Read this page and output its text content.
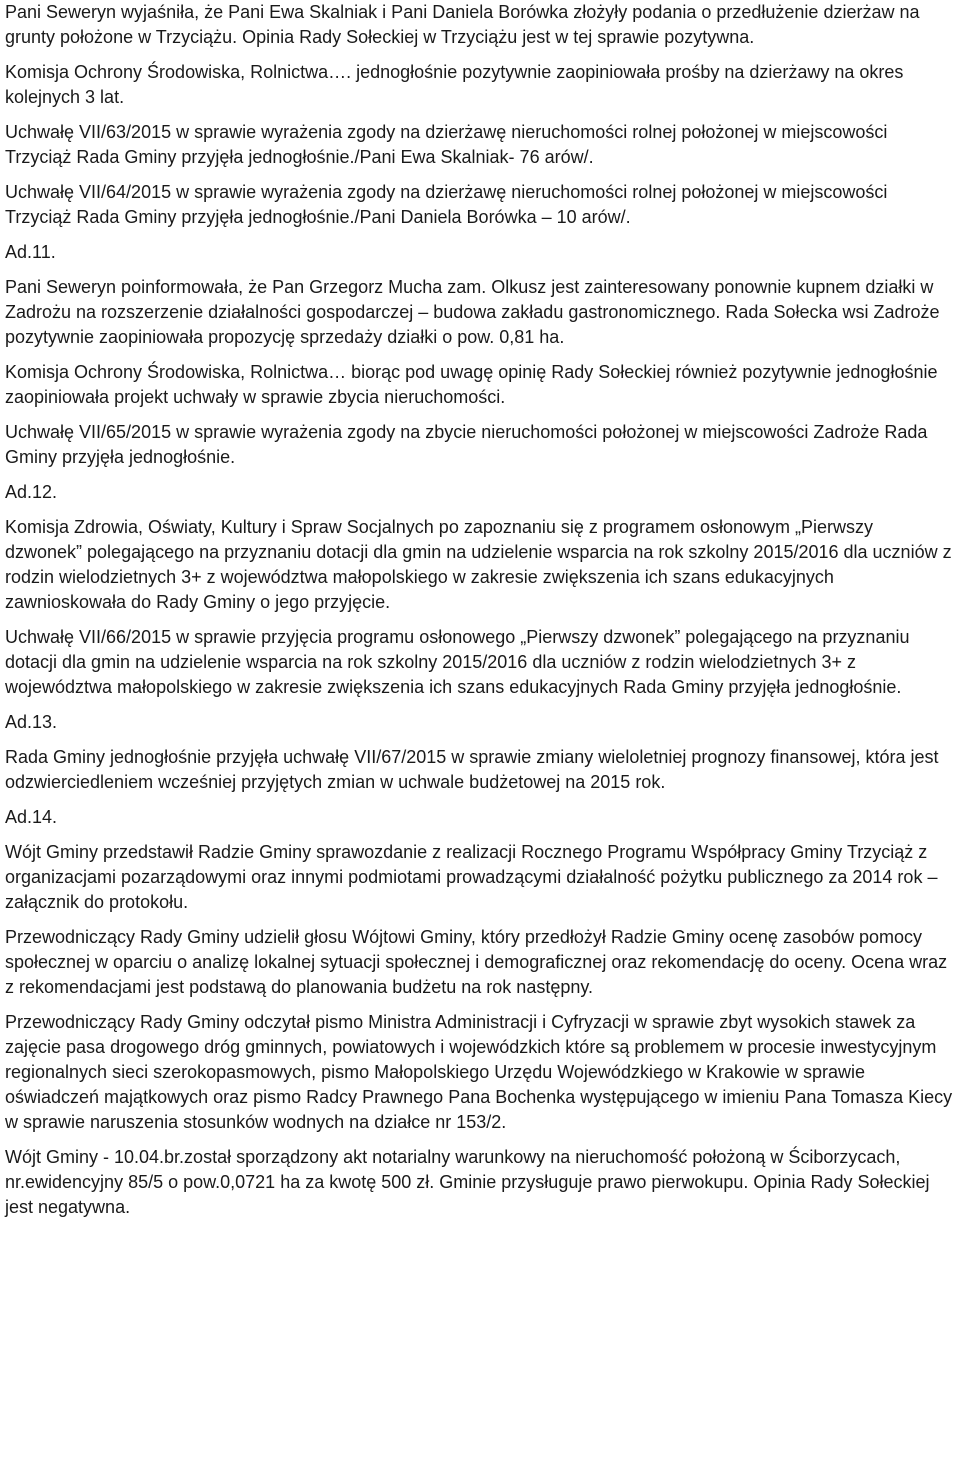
Pani Seweryn wyjaśniła, że Pani Ewa Skalniak i Pani Daniela Borówka złożyły podania o przedłużenie dzierżaw na grunty położone w Trzyciążu. Opinia Rady Sołeckiej w Trzyciążu jest w tej sprawie pozytywna.

Komisja Ochrony Środowiska, Rolnictwa…. jednogłośnie pozytywnie zaopiniowała prośby na dzierżawy na okres kolejnych 3 lat.

Uchwałę VII/63/2015 w sprawie wyrażenia zgody na dzierżawę nieruchomości rolnej położonej w miejscowości Trzyciąż Rada Gminy przyjęła jednogłośnie./Pani Ewa Skalniak- 76 arów/.

Uchwałę VII/64/2015 w sprawie wyrażenia zgody na dzierżawę nieruchomości rolnej położonej w miejscowości Trzyciąż Rada Gminy przyjęła jednogłośnie./Pani Daniela Borówka – 10 arów/.

Ad.11.

Pani Seweryn poinformowała, że Pan Grzegorz Mucha zam. Olkusz jest zainteresowany ponownie kupnem działki w Zadrożu na rozszerzenie działalności gospodarczej – budowa zakładu gastronomicznego. Rada Sołecka wsi Zadroże pozytywnie zaopiniowała propozycję sprzedaży działki o pow. 0,81 ha.

Komisja Ochrony Środowiska, Rolnictwa… biorąc pod uwagę opinię Rady Sołeckiej również pozytywnie jednogłośnie zaopiniowała projekt uchwały w sprawie zbycia nieruchomości.

Uchwałę VII/65/2015 w sprawie wyrażenia zgody na zbycie nieruchomości położonej w miejscowości Zadroże Rada Gminy przyjęła jednogłośnie.

Ad.12.

Komisja Zdrowia, Oświaty, Kultury i Spraw Socjalnych po zapoznaniu się z programem osłonowym „Pierwszy dzwonek” polegającego na przyznaniu dotacji dla gmin na udzielenie wsparcia na rok szkolny 2015/2016 dla uczniów z rodzin wielodzietnych 3+ z województwa małopolskiego w zakresie zwiększenia ich szans edukacyjnych zawnioskowała do Rady Gminy o jego przyjęcie.

Uchwałę VII/66/2015 w sprawie przyjęcia programu osłonowego „Pierwszy dzwonek” polegającego na przyznaniu dotacji dla gmin na udzielenie wsparcia na rok szkolny 2015/2016 dla uczniów z rodzin wielodzietnych 3+ z województwa małopolskiego w zakresie zwiększenia ich szans edukacyjnych Rada Gminy przyjęła jednogłośnie.

Ad.13.

Rada Gminy jednogłośnie przyjęła uchwałę VII/67/2015 w sprawie zmiany wieloletniej prognozy finansowej, która jest odzwierciedleniem wcześniej przyjętych zmian w uchwale budżetowej na 2015 rok.

Ad.14.

Wójt Gminy przedstawił Radzie Gminy sprawozdanie z realizacji Rocznego Programu Współpracy Gminy Trzyciąż z organizacjami pozarządowymi oraz innymi podmiotami prowadzącymi działalność pożytku publicznego za 2014 rok – załącznik do protokołu.

Przewodniczący Rady Gminy udzielił głosu Wójtowi Gminy, który przedłożył Radzie Gminy ocenę zasobów pomocy społecznej w oparciu o analizę lokalnej sytuacji społecznej i demograficznej oraz rekomendację do oceny. Ocena wraz z rekomendacjami jest podstawą do planowania budżetu na rok następny.

Przewodniczący Rady Gminy odczytał pismo Ministra Administracji i Cyfryzacji w sprawie zbyt wysokich stawek za zajęcie pasa drogowego dróg gminnych, powiatowych i wojewódzkich które są problemem w procesie inwestycyjnym regionalnych sieci szerokopasmowych, pismo Małopolskiego Urzędu Wojewódzkiego w Krakowie w sprawie oświadczeń majątkowych oraz pismo Radcy Prawnego Pana Bochenka występującego w imieniu Pana Tomasza Kiecy w sprawie naruszenia stosunków wodnych na działce nr 153/2.

Wójt Gminy - 10.04.br.został sporządzony akt notarialny warunkowy na nieruchomość położoną w Ściborzycach, nr.ewidencyjny 85/5 o pow.0,0721 ha za kwotę 500 zł. Gminie przysługuje prawo pierwokupu. Opinia Rady Sołeckiej jest negatywna.
